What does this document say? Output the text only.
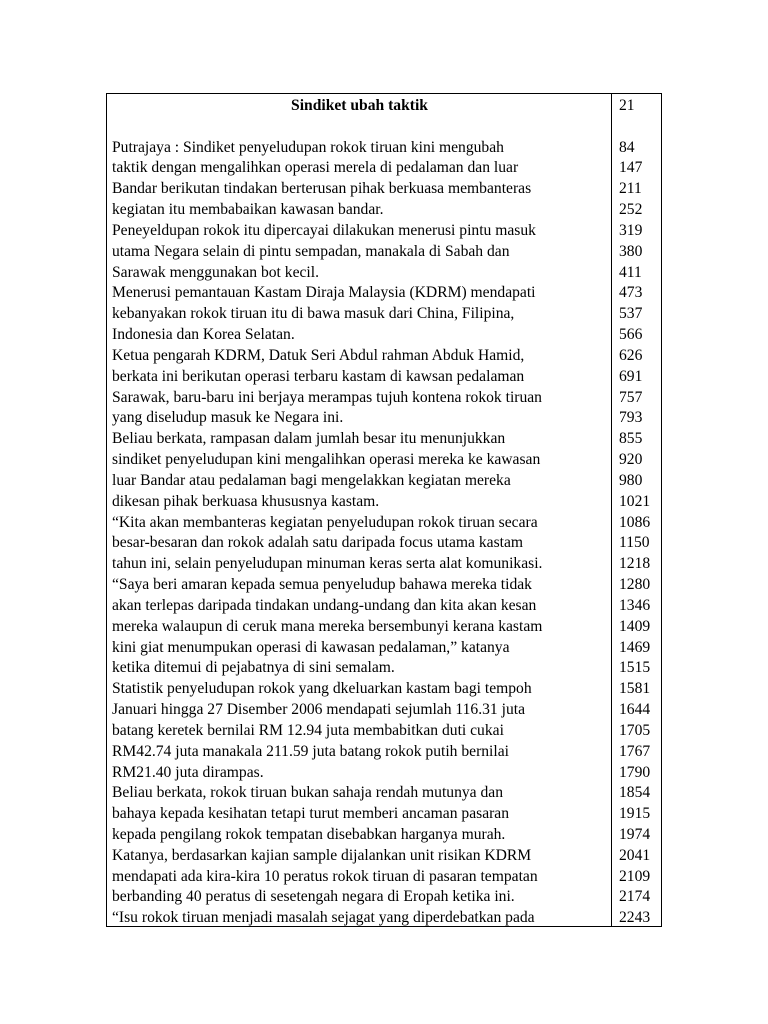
Sindiket ubah taktik
Putrajaya : Sindiket penyeludupan rokok tiruan kini mengubah
taktik dengan mengalihkan operasi merela di pedalaman dan luar
Bandar berikutan tindakan berterusan pihak berkuasa membanteras
kegiatan itu membabaikan kawasan bandar.
Peneyeldupan rokok itu dipercayai dilakukan menerusi pintu masuk
utama Negara selain di pintu sempadan, manakala di Sabah dan
Sarawak menggunakan bot kecil.
Menerusi pemantauan Kastam Diraja Malaysia (KDRM) mendapati
kebanyakan rokok tiruan itu di bawa masuk dari China, Filipina,
Indonesia dan Korea Selatan.
Ketua pengarah KDRM, Datuk Seri Abdul rahman Abduk Hamid,
berkata ini berikutan operasi terbaru kastam di kawsan pedalaman
Sarawak, baru-baru ini berjaya merampas tujuh kontena rokok tiruan
yang diseludup masuk ke Negara ini.
Beliau berkata, rampasan dalam jumlah besar itu menunjukkan
sindiket penyeludupan kini mengalihkan operasi mereka ke kawasan
luar Bandar atau pedalaman bagi mengelakkan kegiatan mereka
dikesan pihak berkuasa khususnya kastam.
“Kita akan membanteras kegiatan penyeludupan rokok tiruan secara
besar-besaran dan rokok adalah satu daripada focus utama kastam
tahun ini, selain penyeludupan minuman keras serta alat komunikasi.
“Saya beri amaran kepada semua penyeludup bahawa mereka tidak
akan terlepas daripada tindakan undang-undang dan kita akan kesan
mereka walaupun di ceruk mana mereka bersembunyi kerana kastam
kini giat menumpukan operasi di kawasan pedalaman,” katanya
ketika ditemui di pejabatnya di sini semalam.
Statistik penyeludupan rokok yang dkeluarkan kastam bagi tempoh
Januari hingga 27 Disember 2006 mendapati sejumlah 116.31 juta
batang keretek bernilai RM 12.94 juta membabitkan duti cukai
RM42.74 juta manakala 211.59 juta batang rokok putih bernilai
RM21.40 juta dirampas.
Beliau berkata, rokok tiruan bukan sahaja rendah mutunya dan
bahaya kepada kesihatan tetapi turut memberi ancaman pasaran
kepada pengilang rokok tempatan disebabkan harganya murah.
Katanya, berdasarkan kajian sample dijalankan unit risikan KDRM
mendapati ada kira-kira 10 peratus rokok tiruan di pasaran tempatan
berbanding 40 peratus di sesetengah negara di Eropah ketika ini.
“Isu rokok tiruan menjadi masalah sejagat yang diperdebatkan pada
21
84
147
211
252
319
380
411
473
537
566
626
691
757
793
855
920
980
1021
1086
1150
1218
1280
1346
1409
1469
1515
1581
1644
1705
1767
1790
1854
1915
1974
2041
2109
2174
2243
